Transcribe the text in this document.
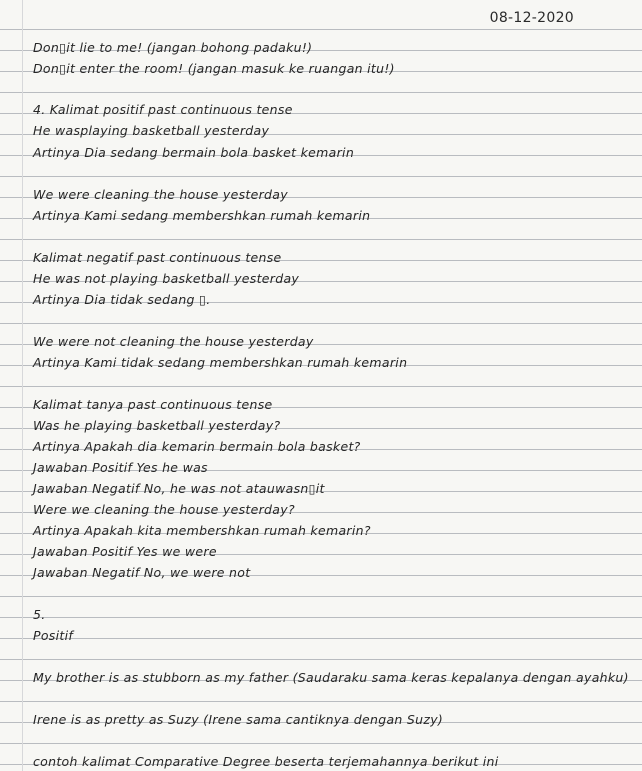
08-12-2020
Don▯it lie to me! (jangan bohong padaku!)
Don▯it enter the room! (jangan masuk ke ruangan itu!)
4. Kalimat positif past continuous tense
He wasplaying basketball yesterday
Artinya Dia sedang bermain bola basket kemarin
We were cleaning the house yesterday
Artinya Kami sedang membershkan rumah kemarin
Kalimat negatif past continuous tense
He was not playing basketball yesterday
Artinya Dia tidak sedang ▯.
We were not cleaning the house yesterday
Artinya Kami tidak sedang membershkan rumah kemarin
Kalimat tanya past continuous tense
Was he playing basketball yesterday?
Artinya Apakah dia kemarin bermain bola basket?
Jawaban Positif Yes he was
Jawaban Negatif No, he was not atauwasn▯it
Were we cleaning the house yesterday?
Artinya Apakah kita membershkan rumah kemarin?
Jawaban Positif Yes we were
Jawaban Negatif No, we were not
5.
Positif
My brother is as stubborn as my father (Saudaraku sama keras kepalanya dengan ayahku)
Irene is as pretty as Suzy (Irene sama cantiknya dengan Suzy)
contoh kalimat Comparative Degree beserta terjemahannya berikut ini
